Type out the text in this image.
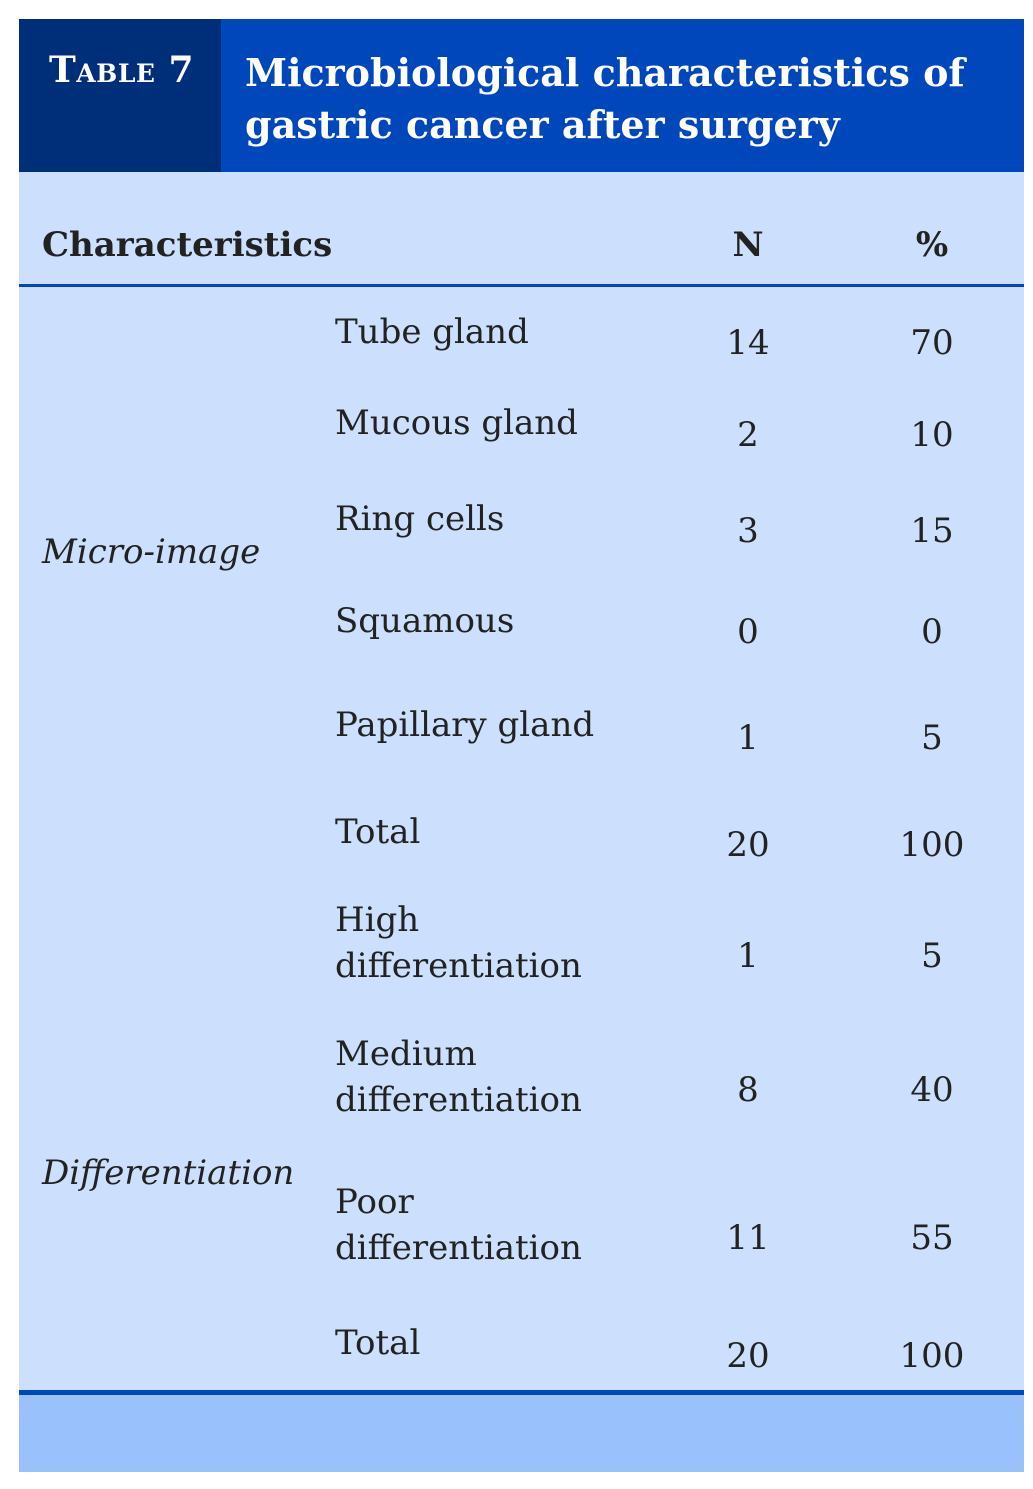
Table 7	Microbiological characteristics of
gastric cancer after surgery
Characteristics	N	%
Micro-image
Differentiation
Tube gland	14	70
Mucous gland	2	10
Ring cells	3	15
Squamous	0	0
Papillary gland	1	5
Total	20	100
High
differentiation	1	5
Medium
differentiation	8	40
Poor
differentiation	11	55
Total	20	100
